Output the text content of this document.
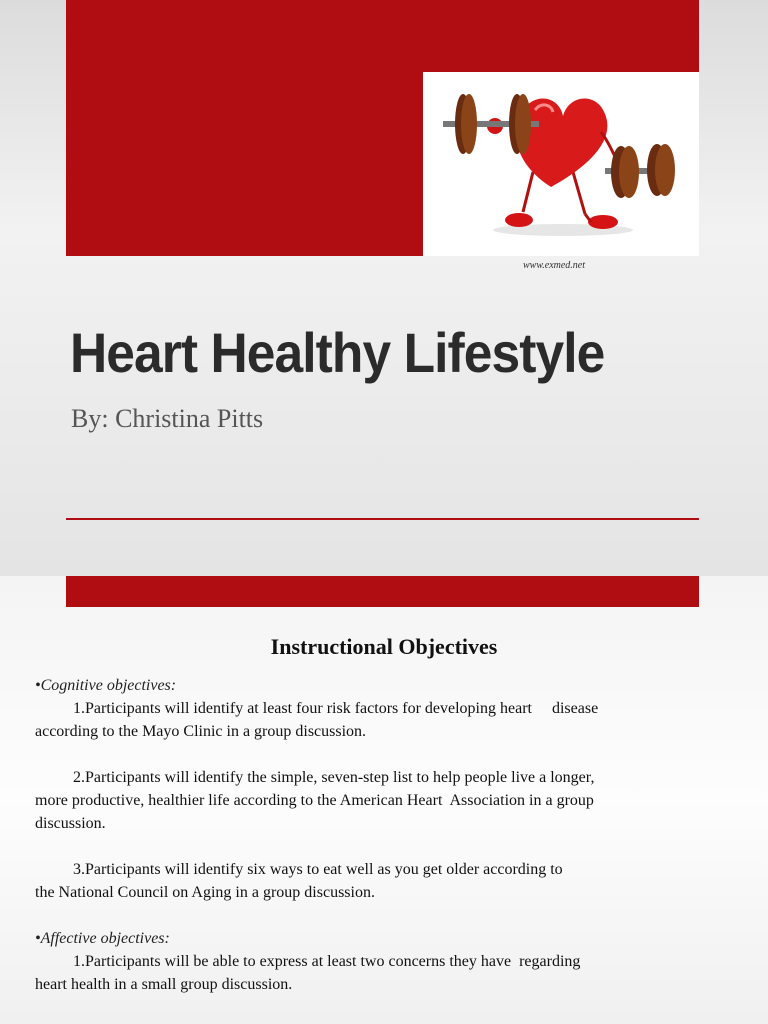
www.exmed.net
Heart Healthy Lifestyle
By: Christina Pitts
Instructional Objectives

•Cognitive objectives:

1.Participants will identify at least four risk factors for developing heart     disease

according to the Mayo Clinic in a group discussion.

2.Participants will identify the simple, seven-step list to help people live a longer,

more productive, healthier life according to the American Heart  Association in a group

discussion.

3.Participants will identify six ways to eat well as you get older according to

the National Council on Aging in a group discussion.

•Affective objectives:

1.Participants will be able to express at least two concerns they have  regarding

heart health in a small group discussion.
